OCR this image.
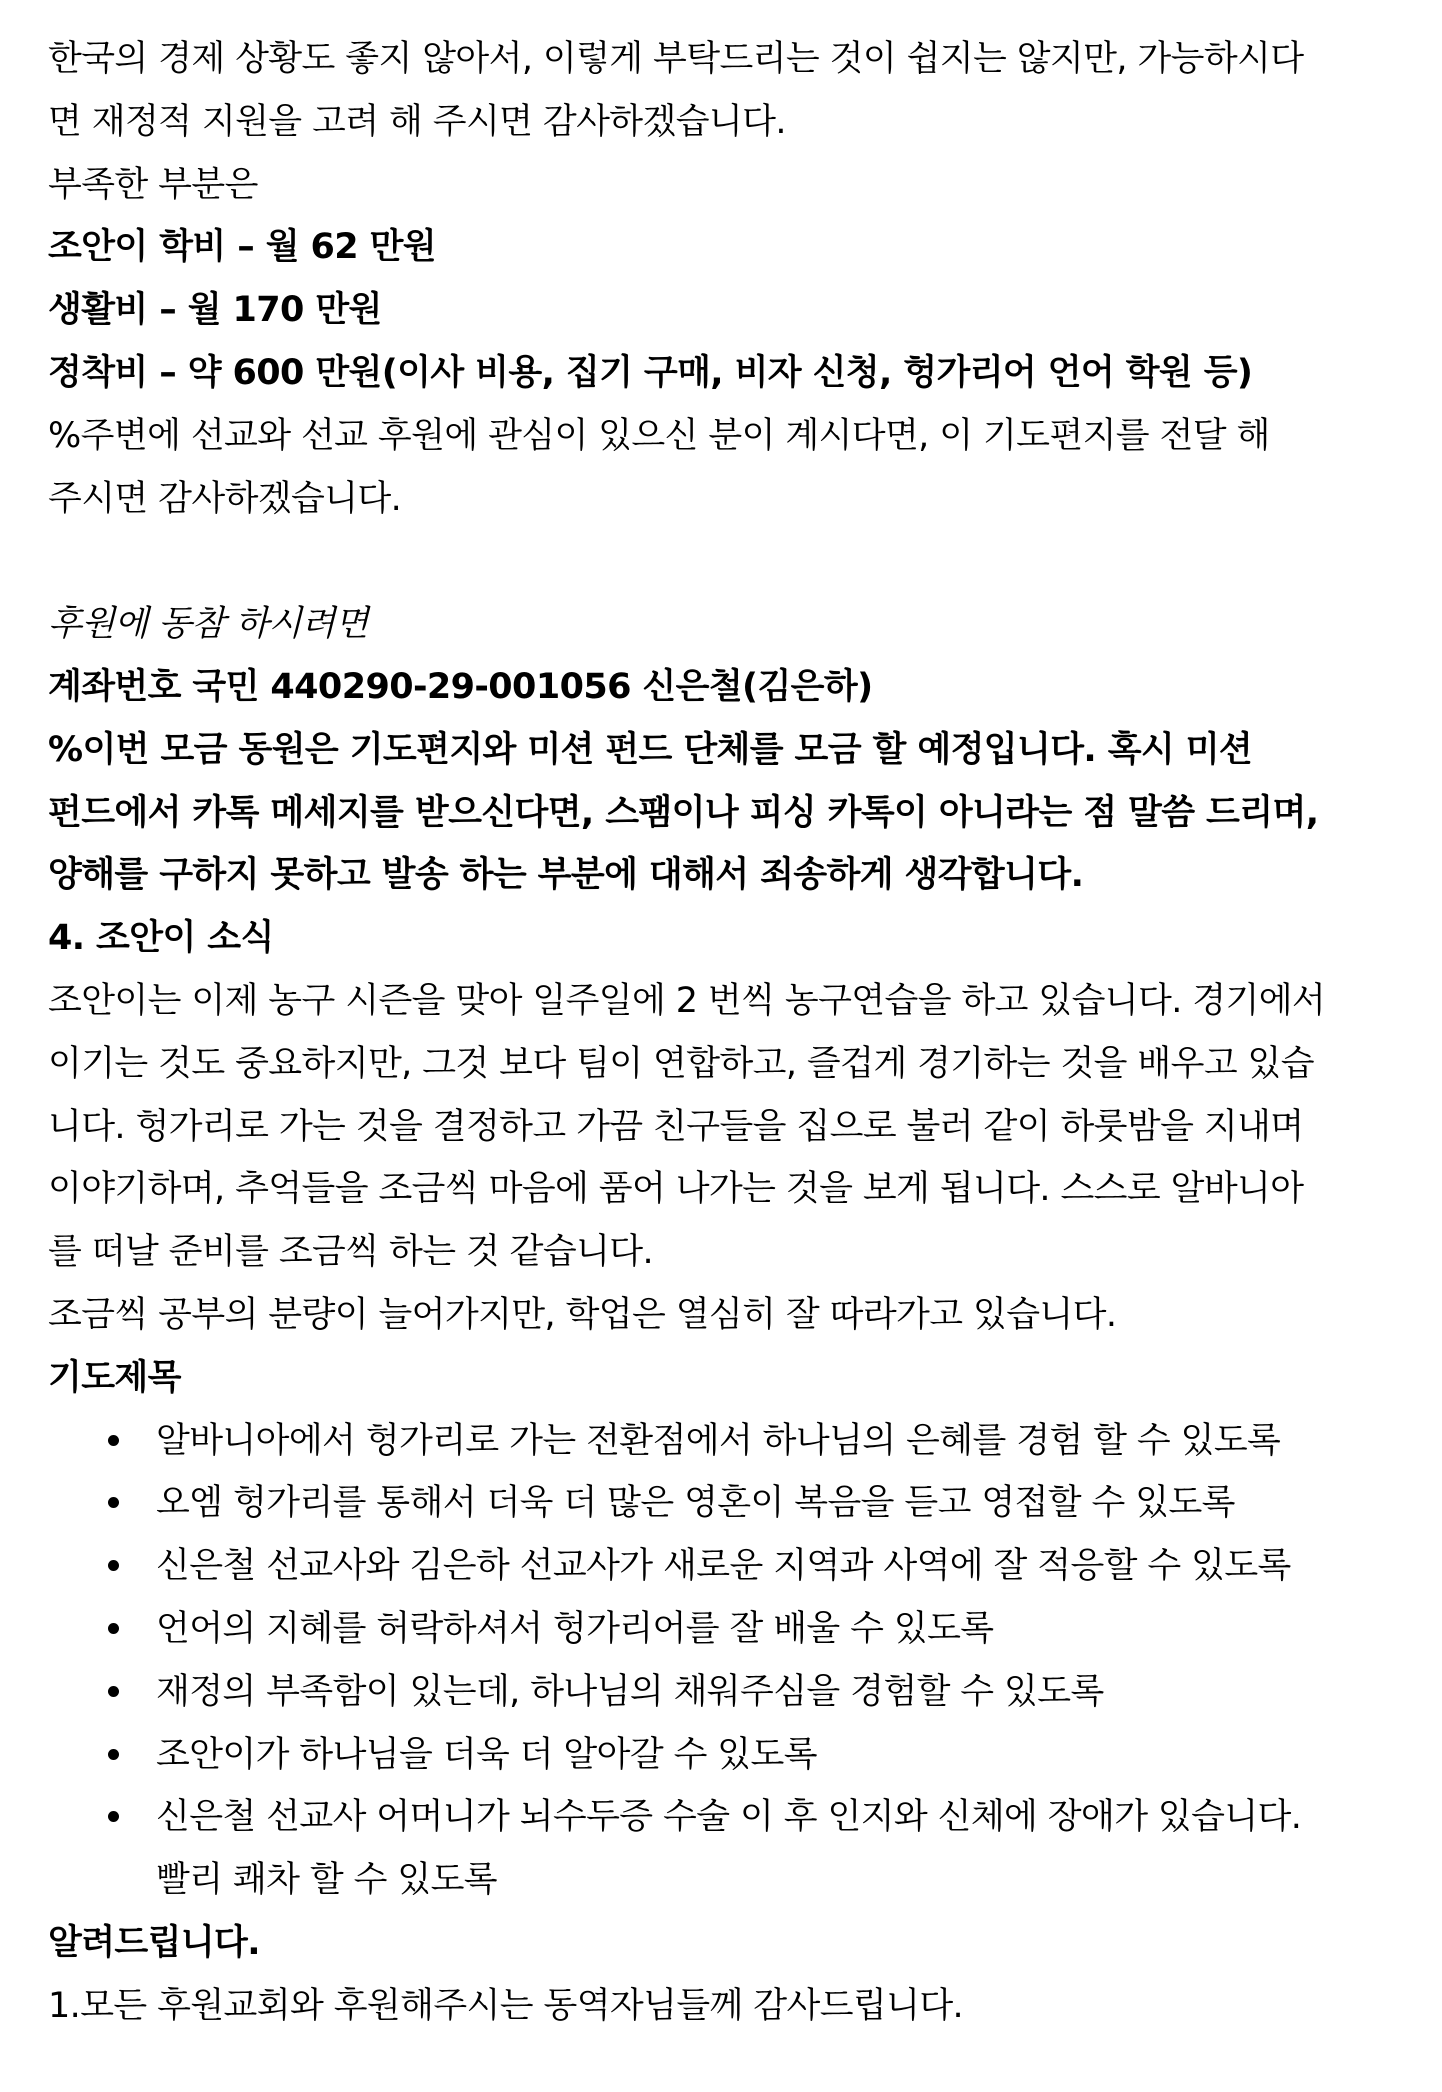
한국의 경제 상황도 좋지 않아서, 이렇게 부탁드리는 것이 쉽지는 않지만, 가능하시다
면 재정적 지원을 고려 해 주시면 감사하겠습니다.
부족한 부분은
조안이 학비 – 월 62 만원
생활비 – 월 170 만원
정착비 – 약 600 만원(이사 비용, 집기 구매, 비자 신청, 헝가리어 언어 학원 등)
%주변에 선교와 선교 후원에 관심이 있으신 분이 계시다면, 이 기도편지를 전달 해
주시면 감사하겠습니다.
후원에 동참 하시려면
계좌번호 국민 440290-29-001056 신은철(김은하)
%이번 모금 동원은 기도편지와 미션 펀드 단체를 모금 할 예정입니다. 혹시 미션
펀드에서 카톡 메세지를 받으신다면, 스팸이나 피싱 카톡이 아니라는 점 말씀 드리며,
양해를 구하지 못하고 발송 하는 부분에 대해서 죄송하게 생각합니다.
4. 조안이 소식
조안이는 이제 농구 시즌을 맞아 일주일에 2 번씩 농구연습을 하고 있습니다. 경기에서
이기는 것도 중요하지만, 그것 보다 팀이 연합하고, 즐겁게 경기하는 것을 배우고 있습
니다. 헝가리로 가는 것을 결정하고 가끔 친구들을 집으로 불러 같이 하룻밤을 지내며
이야기하며, 추억들을 조금씩 마음에 품어 나가는 것을 보게 됩니다. 스스로 알바니아
를 떠날 준비를 조금씩 하는 것 같습니다.
조금씩 공부의 분량이 늘어가지만, 학업은 열심히 잘 따라가고 있습니다.
기도제목
알바니아에서 헝가리로 가는 전환점에서 하나님의 은혜를 경험 할 수 있도록
오엠 헝가리를 통해서 더욱 더 많은 영혼이 복음을 듣고 영접할 수 있도록
신은철 선교사와 김은하 선교사가 새로운 지역과 사역에 잘 적응할 수 있도록
언어의 지혜를 허락하셔서 헝가리어를 잘 배울 수 있도록
재정의 부족함이 있는데, 하나님의 채워주심을 경험할 수 있도록
조안이가 하나님을 더욱 더 알아갈 수 있도록
신은철 선교사 어머니가 뇌수두증 수술 이 후 인지와 신체에 장애가 있습니다.
빨리 쾌차 할 수 있도록
알려드립니다.
1.모든 후원교회와 후원해주시는 동역자님들께 감사드립니다.
